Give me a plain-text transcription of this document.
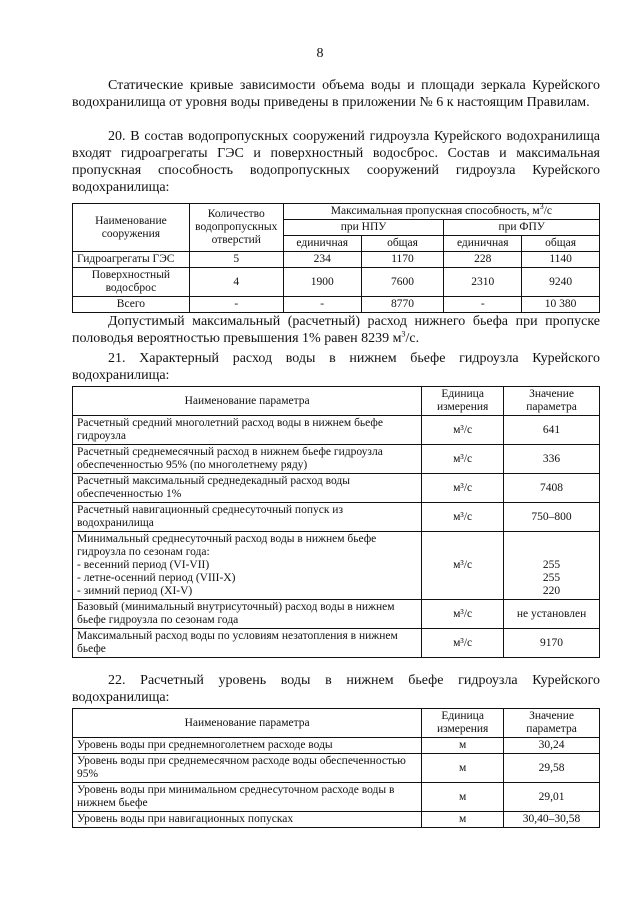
8

Статические кривые зависимости объема воды и площади зеркала Курейского водохранилища от уровня воды приведены в приложении № 6 к настоящим Правилам.

20. В состав водопропускных сооружений гидроузла Курейского водохранилища входят гидроагрегаты ГЭС и поверхностный водосброс. Состав и максимальная пропускная способность водопропускных сооружений гидроузла Курейского водохранилища:

Наименование сооружения	Количество водопропускных отверстий	Максимальная пропускная способность, $м^3/с$			
		при НПУ		при ФПУ	
		единичная	общая	единичная	общая
Гидроагрегаты ГЭС	5	234	1170	228	1140
Поверхностный водосброс	4	1900	7600	2310	9240
Всего	-	-	8770	-	10 380

Допустимый максимальный (расчетный) расход нижнего бьефа при пропуске половодья вероятностью превышения 1% равен 8239 $м^3/с$.

21. Характерный расход воды в нижнем бьефе гидроузла Курейского водохранилища:

Наименование параметра	Единица измерения	Значение параметра
Расчетный средний многолетний расход воды в нижнем бьефе гидроузла	м³/с	641
Расчетный среднемесячный расход в нижнем бьефе гидроузла обеспеченностью 95% (по многолетнему ряду)	м³/с	336
Расчетный максимальный среднедекадный расход воды обеспеченностью 1%	м³/с	7408
Расчетный навигационный среднесуточный попуск из водохранилища	м³/с	750–800

Минимальный среднесуточный расход воды в нижнем бьефе гидроузла по сезонам года:
- весенний период (VI-VII)
- летне-осенний период (VIII-X)
- зимний период (XI-V)	м³/с	255
255
220

Базовый (минимальный внутрисуточный) расход воды в нижнем бьефе гидроузла по сезонам года	м³/с	не установлен
Максимальный расход воды по условиям незатопления в нижнем бьефе	м³/с	9170

22. Расчетный уровень воды в нижнем бьефе гидроузла Курейского водохранилища:

Наименование параметра	Единица измерения	Значение параметра
Уровень воды при среднемноголетнем расходе воды	м	30,24
Уровень воды при среднемесячном расходе воды обеспеченностью 95%	м	29,58
Уровень воды при минимальном среднесуточном расходе воды в нижнем бьефе	м	29,01
Уровень воды при навигационных попусках	м	30,40–30,58
